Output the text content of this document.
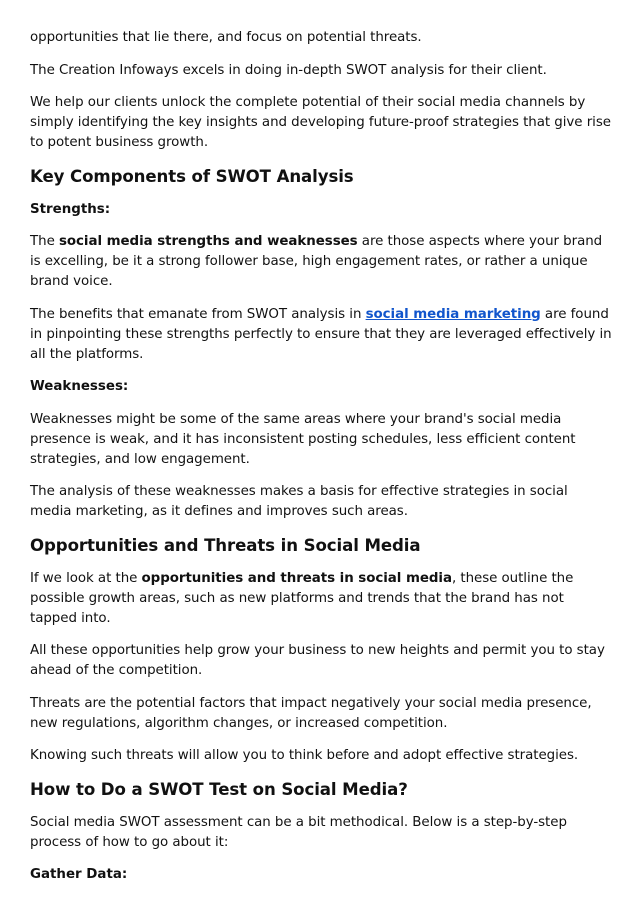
opportunities that lie there, and focus on potential threats.

The Creation Infoways excels in doing in-depth SWOT analysis for their client.

We help our clients unlock the complete potential of their social media channels by simply identifying the key insights and developing future-proof strategies that give rise to potent business growth.

Key Components of SWOT Analysis
Strengths:

The social media strengths and weaknesses are those aspects where your brand is excelling, be it a strong follower base, high engagement rates, or rather a unique brand voice.

The benefits that emanate from SWOT analysis in social media marketing are found in pinpointing these strengths perfectly to ensure that they are leveraged effectively in all the platforms.

Weaknesses:

Weaknesses might be some of the same areas where your brand's social media presence is weak, and it has inconsistent posting schedules, less efficient content strategies, and low engagement.

The analysis of these weaknesses makes a basis for effective strategies in social media marketing, as it defines and improves such areas.

Opportunities and Threats in Social Media

If we look at the opportunities and threats in social media, these outline the possible growth areas, such as new platforms and trends that the brand has not tapped into.

All these opportunities help grow your business to new heights and permit you to stay ahead of the competition.

Threats are the potential factors that impact negatively your social media presence, new regulations, algorithm changes, or increased competition.

Knowing such threats will allow you to think before and adopt effective strategies.

How to Do a SWOT Test on Social Media?

Social media SWOT assessment can be a bit methodical. Below is a step-by-step process of how to go about it:

Gather Data:
